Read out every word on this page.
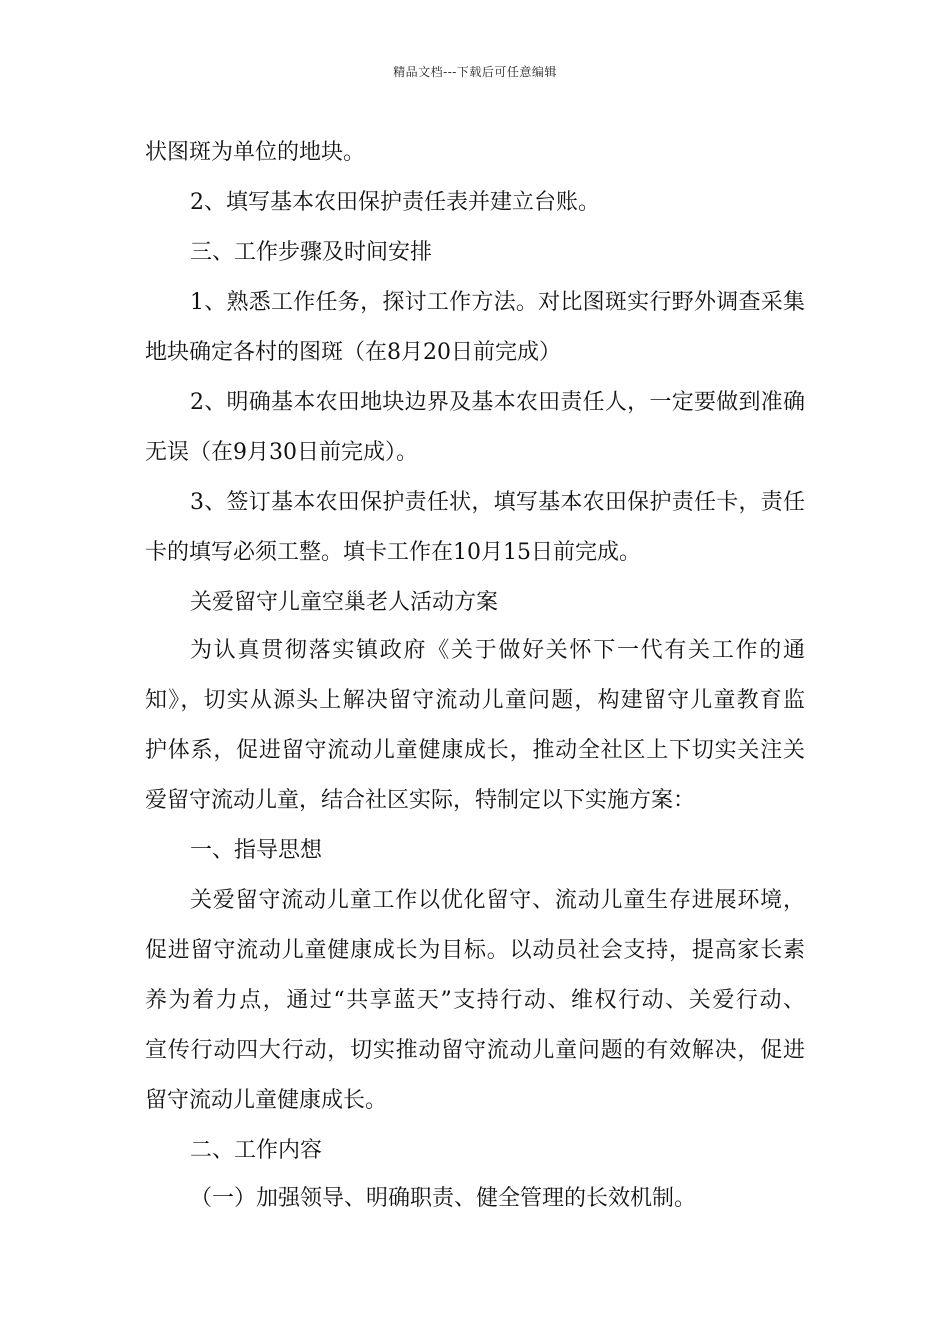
精品文档---下载后可任意编辑
状图斑为单位的地块。
2、填写基本农田保护责任表并建立台账。
三、工作步骤及时间安排
1、熟悉工作任务，探讨工作方法。对比图斑实行野外调查采集
地块确定各村的图斑（在8月20日前完成）
2、明确基本农田地块边界及基本农田责任人，一定要做到准确
无误（在9月30日前完成）。
3、签订基本农田保护责任状，填写基本农田保护责任卡，责任
卡的填写必须工整。填卡工作在10月15日前完成。
关爱留守儿童空巢老人活动方案
为认真贯彻落实镇政府《关于做好关怀下一代有关工作的通
知》，切实从源头上解决留守流动儿童问题，构建留守儿童教育监
护体系，促进留守流动儿童健康成长，推动全社区上下切实关注关
爱留守流动儿童，结合社区实际，特制定以下实施方案：
一、指导思想
关爱留守流动儿童工作以优化留守、流动儿童生存进展环境，
促进留守流动儿童健康成长为目标。以动员社会支持，提高家长素
养为着力点，通过“共享蓝天”支持行动、维权行动、关爱行动、
宣传行动四大行动，切实推动留守流动儿童问题的有效解决，促进
留守流动儿童健康成长。
二、工作内容
（一）加强领导、明确职责、健全管理的长效机制。
